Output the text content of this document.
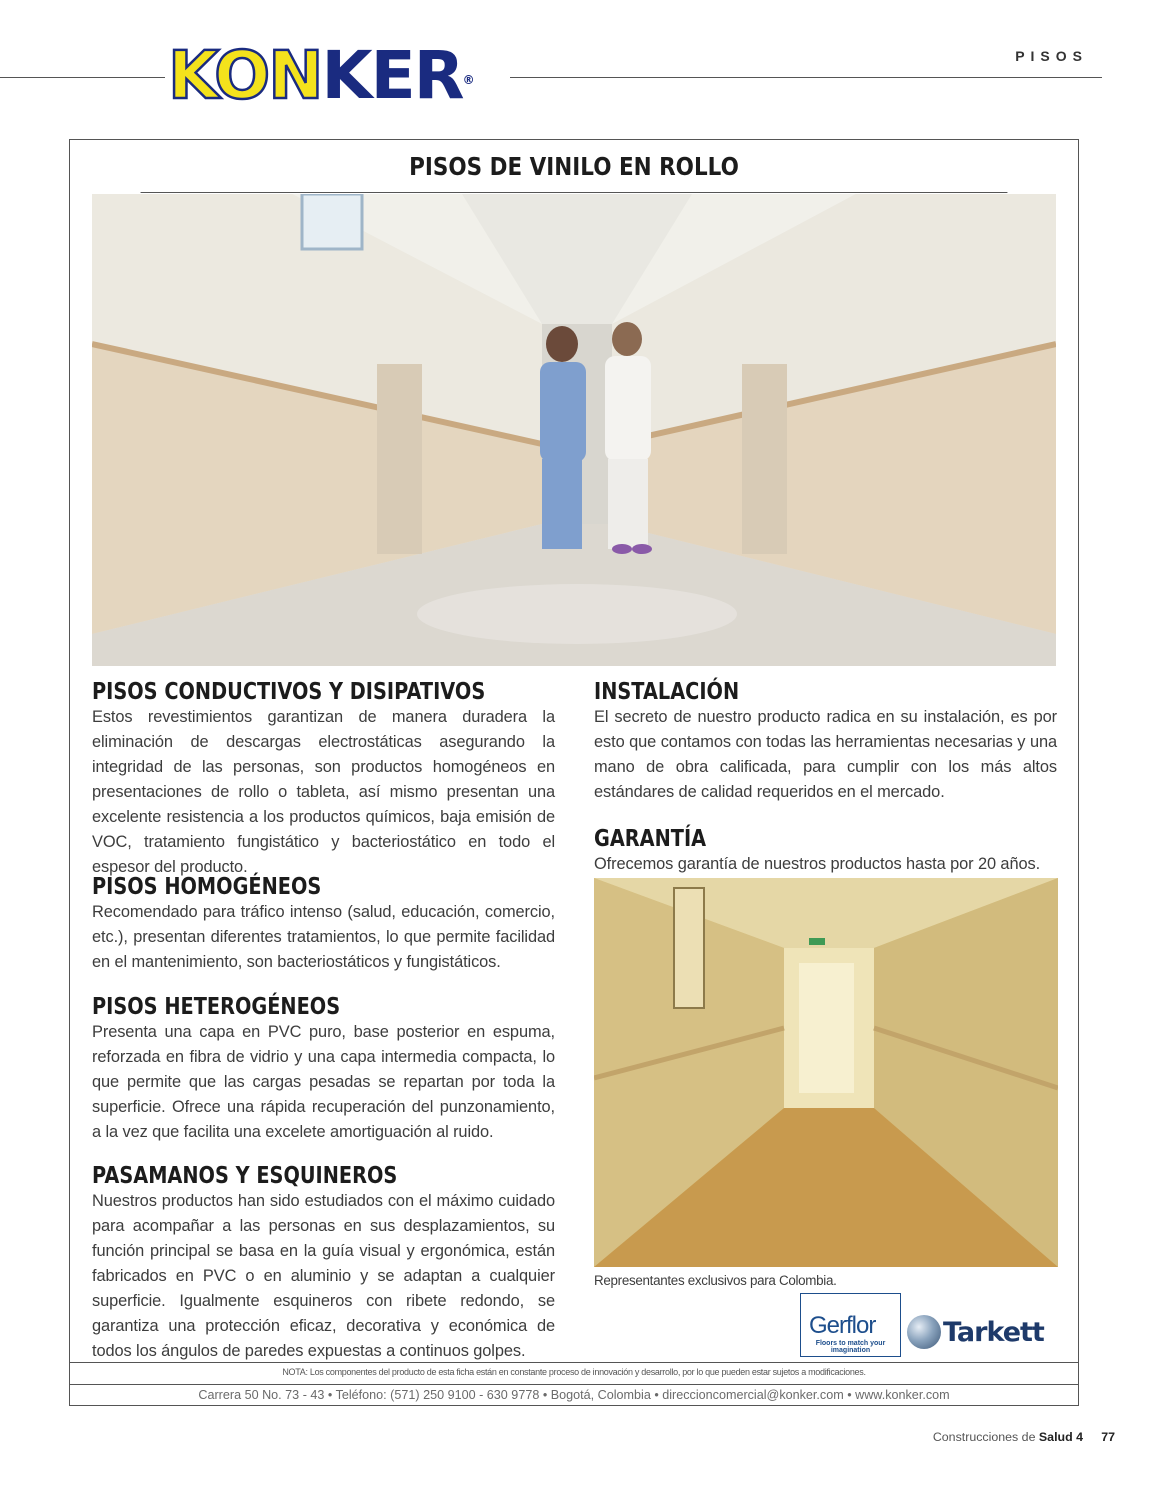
KONKER®
PISOS
PISOS DE VINILO EN ROLLO
PISOS CONDUCTIVOS Y DISIPATIVOS

Estos revestimientos garantizan de manera duradera la eliminación de descargas electrostáticas asegurando la integridad de las personas, son productos homogéneos en presentaciones de rollo o tableta, así mismo presentan una excelente resistencia a los productos químicos, baja emisión de VOC, tratamiento fungistático y bacteriostático en todo el espesor del producto.

PISOS HOMOGÉNEOS

Recomendado para tráfico intenso (salud, educación, comercio, etc.), presentan diferentes tratamientos, lo que permite facilidad en el mantenimiento, son bacteriostáticos y fungistáticos.

PISOS HETEROGÉNEOS

Presenta una capa en PVC puro, base posterior en espuma, reforzada en fibra de vidrio y una capa intermedia compacta, lo que permite que las cargas pesadas se repartan por toda la superficie. Ofrece una rápida recuperación del punzonamiento, a la vez que facilita una excelete amortiguación al ruido.

PASAMANOS Y ESQUINEROS

Nuestros productos han sido estudiados con el máximo cuidado para acompañar a las personas en sus desplazamientos, su función principal se basa en la guía visual y ergonómica, están fabricados en PVC o en aluminio y se adaptan a cualquier superficie. Igualmente esquineros con ribete redondo, se garantiza una protección eficaz, decorativa y económica de todos los ángulos de paredes expuestas a continuos golpes.

INSTALACIÓN

El secreto de nuestro producto radica en su instalación, es por esto que contamos con todas las herramientas necesarias y una mano de obra calificada, para cumplir con los más altos estándares de calidad requeridos en el mercado.

GARANTÍA

Ofrecemos garantía de nuestros productos hasta por 20 años.

Representantes exclusivos para Colombia.
Gerflor
Floors to match your imagination
Tarkett
NOTA: Los componentes del producto de esta ficha están en constante proceso de innovación y desarrollo, por lo que pueden estar sujetos a modificaciones.
Carrera 50 No. 73 - 43 • Teléfono: (571) 250 9100 - 630 9778 • Bogotá, Colombia • direccioncomercial@konker.com • www.konker.com
Construcciones de Salud 4 77
